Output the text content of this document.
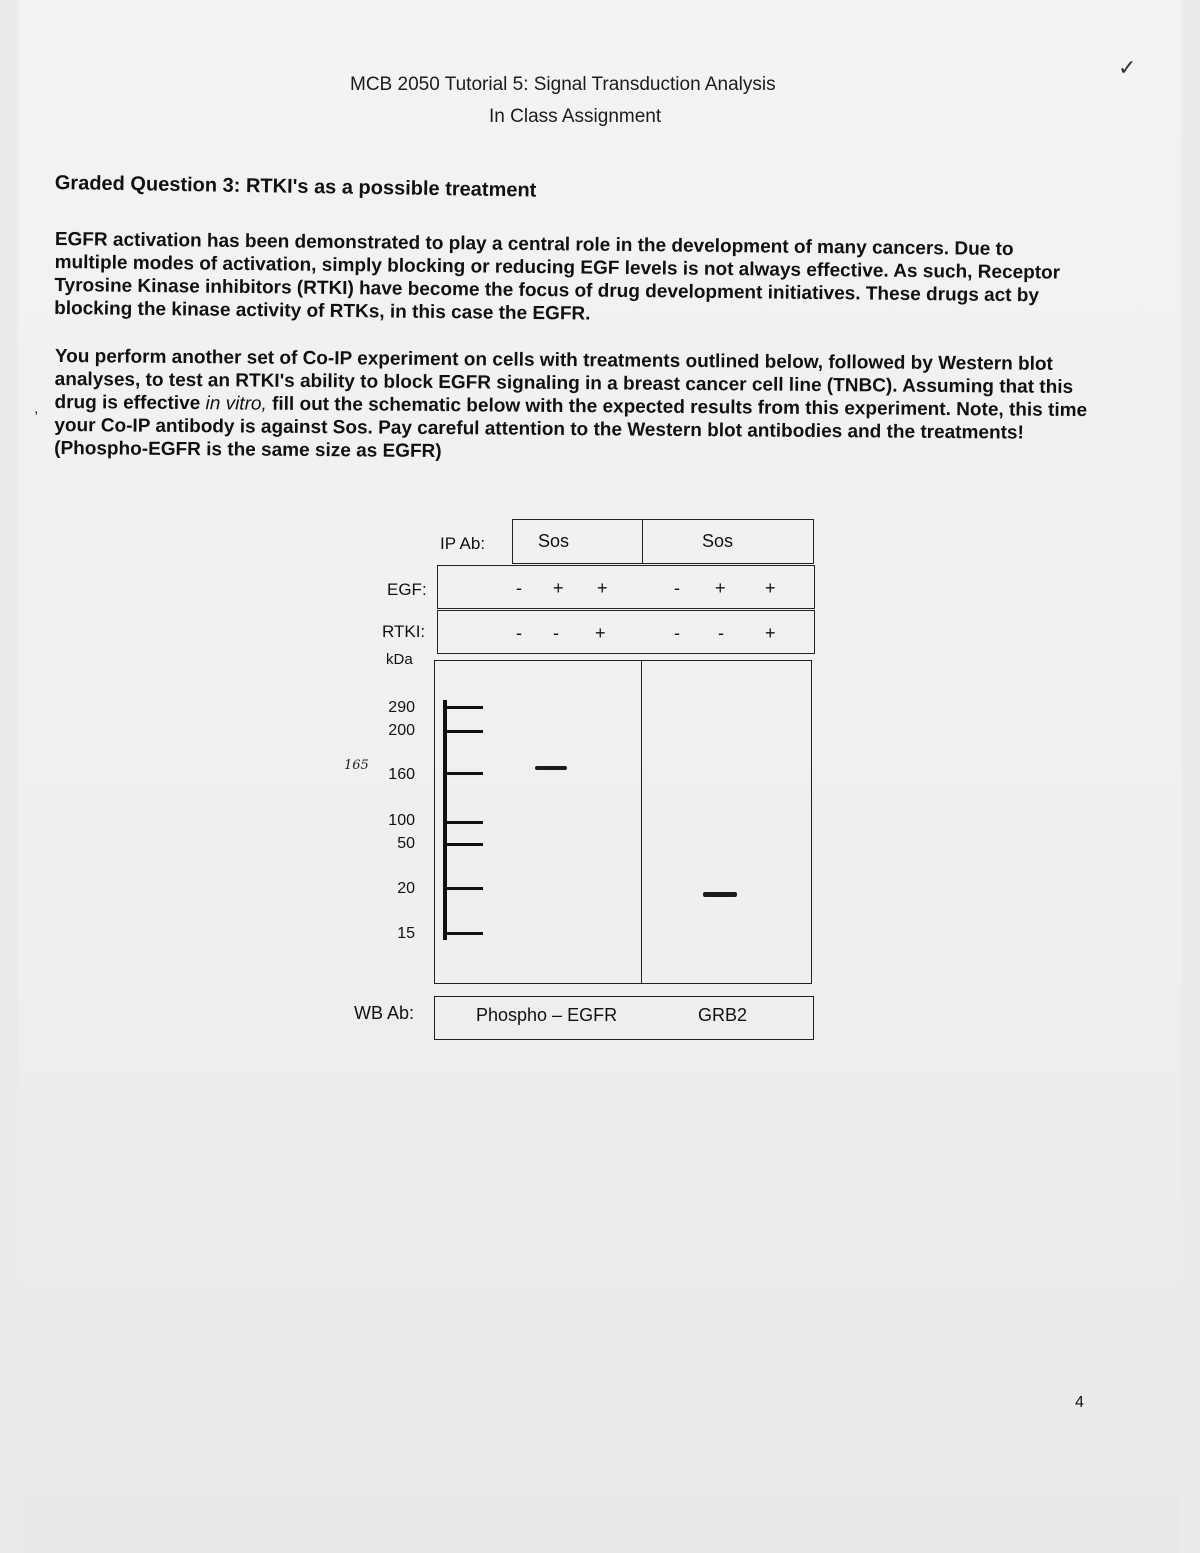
✓
MCB 2050 Tutorial 5: Signal Transduction Analysis
In Class Assignment
Graded Question 3: RTKI's as a possible treatment
EGFR activation has been demonstrated to play a central role in the development of many cancers. Due to multiple modes of activation, simply blocking or reducing EGF levels is not always effective. As such, Receptor Tyrosine Kinase inhibitors (RTKI) have become the focus of drug development initiatives. These drugs act by blocking the kinase activity of RTKs, in this case the EGFR.
,
You perform another set of Co-IP experiment on cells with treatments outlined below, followed by Western blot analyses, to test an RTKI's ability to block EGFR signaling in a breast cancer cell line (TNBC). Assuming that this drug is effective in vitro, fill out the schematic below with the expected results from this experiment. Note, this time your Co-IP antibody is against Sos. Pay careful attention to the Western blot antibodies and the treatments! (Phospho-EGFR is the same size as EGFR)
IP Ab:	Sos	Sos
EGF:	- + +	- + +
RTKI:	- - +	- - +
kDa
290
200
160
100
50
20
15
165
WB Ab:	Phospho – EGFR	GRB2
4
